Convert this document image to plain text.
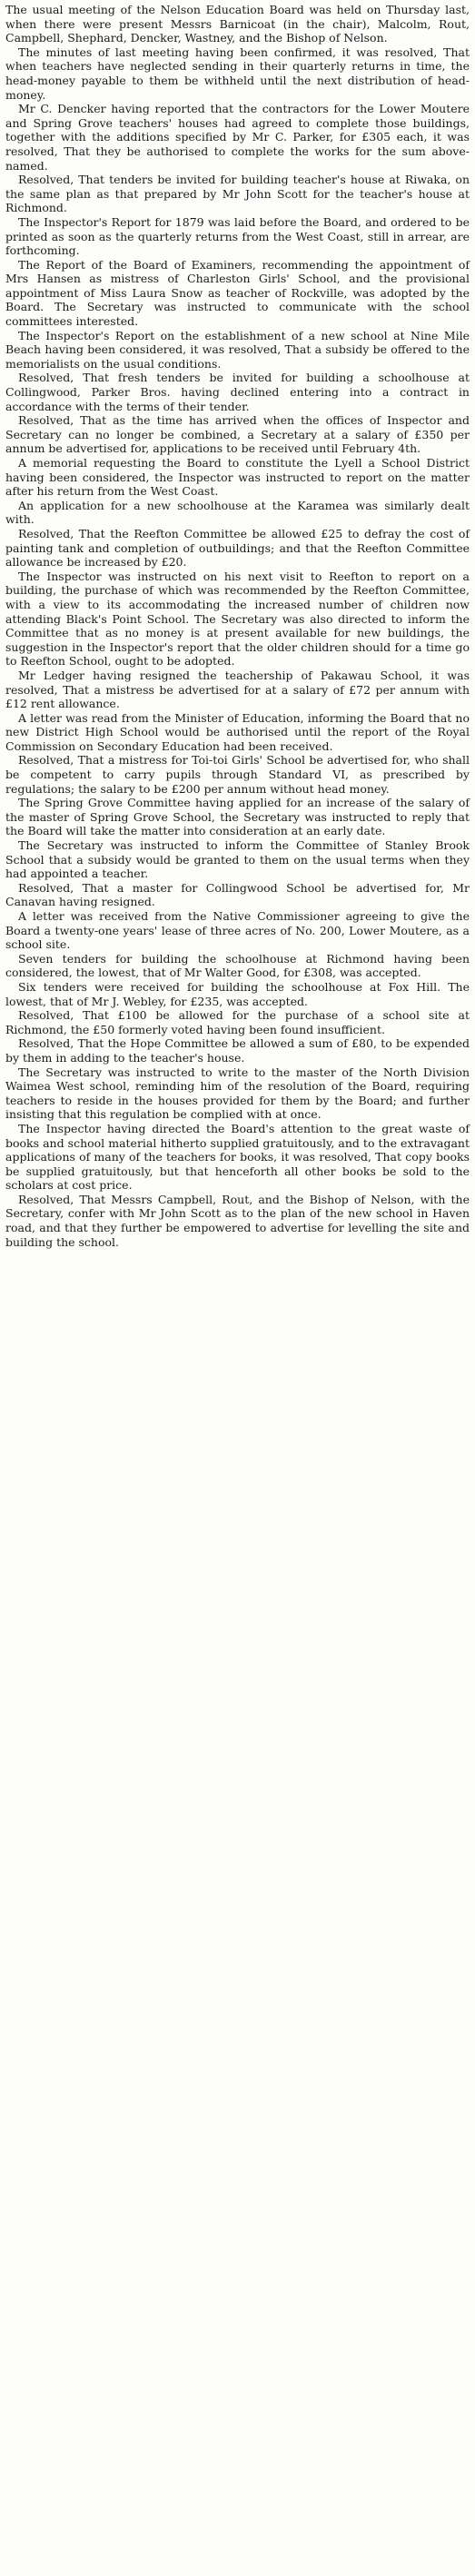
The usual meeting of the Nelson Education Board was held on Thursday last, when there were present Messrs Barnicoat (in the chair), Malcolm, Rout, Campbell, Shephard, Dencker, Wastney, and the Bishop of Nelson.

The minutes of last meeting having been confirmed, it was resolved, That when teachers have neglected sending in their quarterly returns in time, the head-money payable to them be withheld until the next distribution of head-money.

Mr C. Dencker having reported that the contractors for the Lower Moutere and Spring Grove teachers' houses had agreed to complete those buildings, together with the additions specified by Mr C. Parker, for £305 each, it was resolved, That they be authorised to complete the works for the sum above-named.

Resolved, That tenders be invited for building teacher's house at Riwaka, on the same plan as that prepared by Mr John Scott for the teacher's house at Richmond.

The Inspector's Report for 1879 was laid before the Board, and ordered to be printed as soon as the quarterly returns from the West Coast, still in arrear, are forthcoming.

The Report of the Board of Examiners, recommending the appointment of Mrs Hansen as mistress of Charleston Girls' School, and the provisional appointment of Miss Laura Snow as teacher of Rockville, was adopted by the Board. The Secretary was instructed to communicate with the school committees interested.

The Inspector's Report on the establishment of a new school at Nine Mile Beach having been considered, it was resolved, That a subsidy be offered to the memorialists on the usual conditions.

Resolved, That fresh tenders be invited for building a schoolhouse at Collingwood, Parker Bros. having declined entering into a contract in accordance with the terms of their tender.

Resolved, That as the time has arrived when the offices of Inspector and Secretary can no longer be combined, a Secretary at a salary of £350 per annum be advertised for, applications to be received until February 4th.

A memorial requesting the Board to constitute the Lyell a School District having been considered, the Inspector was instructed to report on the matter after his return from the West Coast.

An application for a new schoolhouse at the Karamea was similarly dealt with.

Resolved, That the Reefton Committee be allowed £25 to defray the cost of painting tank and completion of outbuildings; and that the Reefton Committee allowance be increased by £20.

The Inspector was instructed on his next visit to Reefton to report on a building, the purchase of which was recommended by the Reefton Committee, with a view to its accommodating the increased number of children now attending Black's Point School. The Secretary was also directed to inform the Committee that as no money is at present available for new buildings, the suggestion in the Inspector's report that the older children should for a time go to Reefton School, ought to be adopted.

Mr Ledger having resigned the teachership of Pakawau School, it was resolved, That a mistress be advertised for at a salary of £72 per annum with £12 rent allowance.

A letter was read from the Minister of Education, informing the Board that no new District High School would be authorised until the report of the Royal Commission on Secondary Education had been received.

Resolved, That a mistress for Toi-toi Girls' School be advertised for, who shall be competent to carry pupils through Standard VI, as prescribed by regulations; the salary to be £200 per annum without head money.

The Spring Grove Committee having applied for an increase of the salary of the master of Spring Grove School, the Secretary was instructed to reply that the Board will take the matter into consideration at an early date.

The Secretary was instructed to inform the Committee of Stanley Brook School that a subsidy would be granted to them on the usual terms when they had appointed a teacher.

Resolved, That a master for Collingwood School be advertised for, Mr Canavan having resigned.

A letter was received from the Native Commissioner agreeing to give the Board a twenty-one years' lease of three acres of No. 200, Lower Moutere, as a school site.

Seven tenders for building the schoolhouse at Richmond having been considered, the lowest, that of Mr Walter Good, for £308, was accepted.

Six tenders were received for building the schoolhouse at Fox Hill. The lowest, that of Mr J. Webley, for £235, was accepted.

Resolved, That £100 be allowed for the purchase of a school site at Richmond, the £50 formerly voted having been found insufficient.

Resolved, That the Hope Committee be allowed a sum of £80, to be expended by them in adding to the teacher's house.

The Secretary was instructed to write to the master of the North Division Waimea West school, reminding him of the resolution of the Board, requiring teachers to reside in the houses provided for them by the Board; and further insisting that this regulation be complied with at once.

The Inspector having directed the Board's attention to the great waste of books and school material hitherto supplied gratuitously, and to the extravagant applications of many of the teachers for books, it was resolved, That copy books be supplied gratuitously, but that henceforth all other books be sold to the scholars at cost price.

Resolved, That Messrs Campbell, Rout, and the Bishop of Nelson, with the Secretary, confer with Mr John Scott as to the plan of the new school in Haven road, and that they further be empowered to advertise for levelling the site and building the school.
